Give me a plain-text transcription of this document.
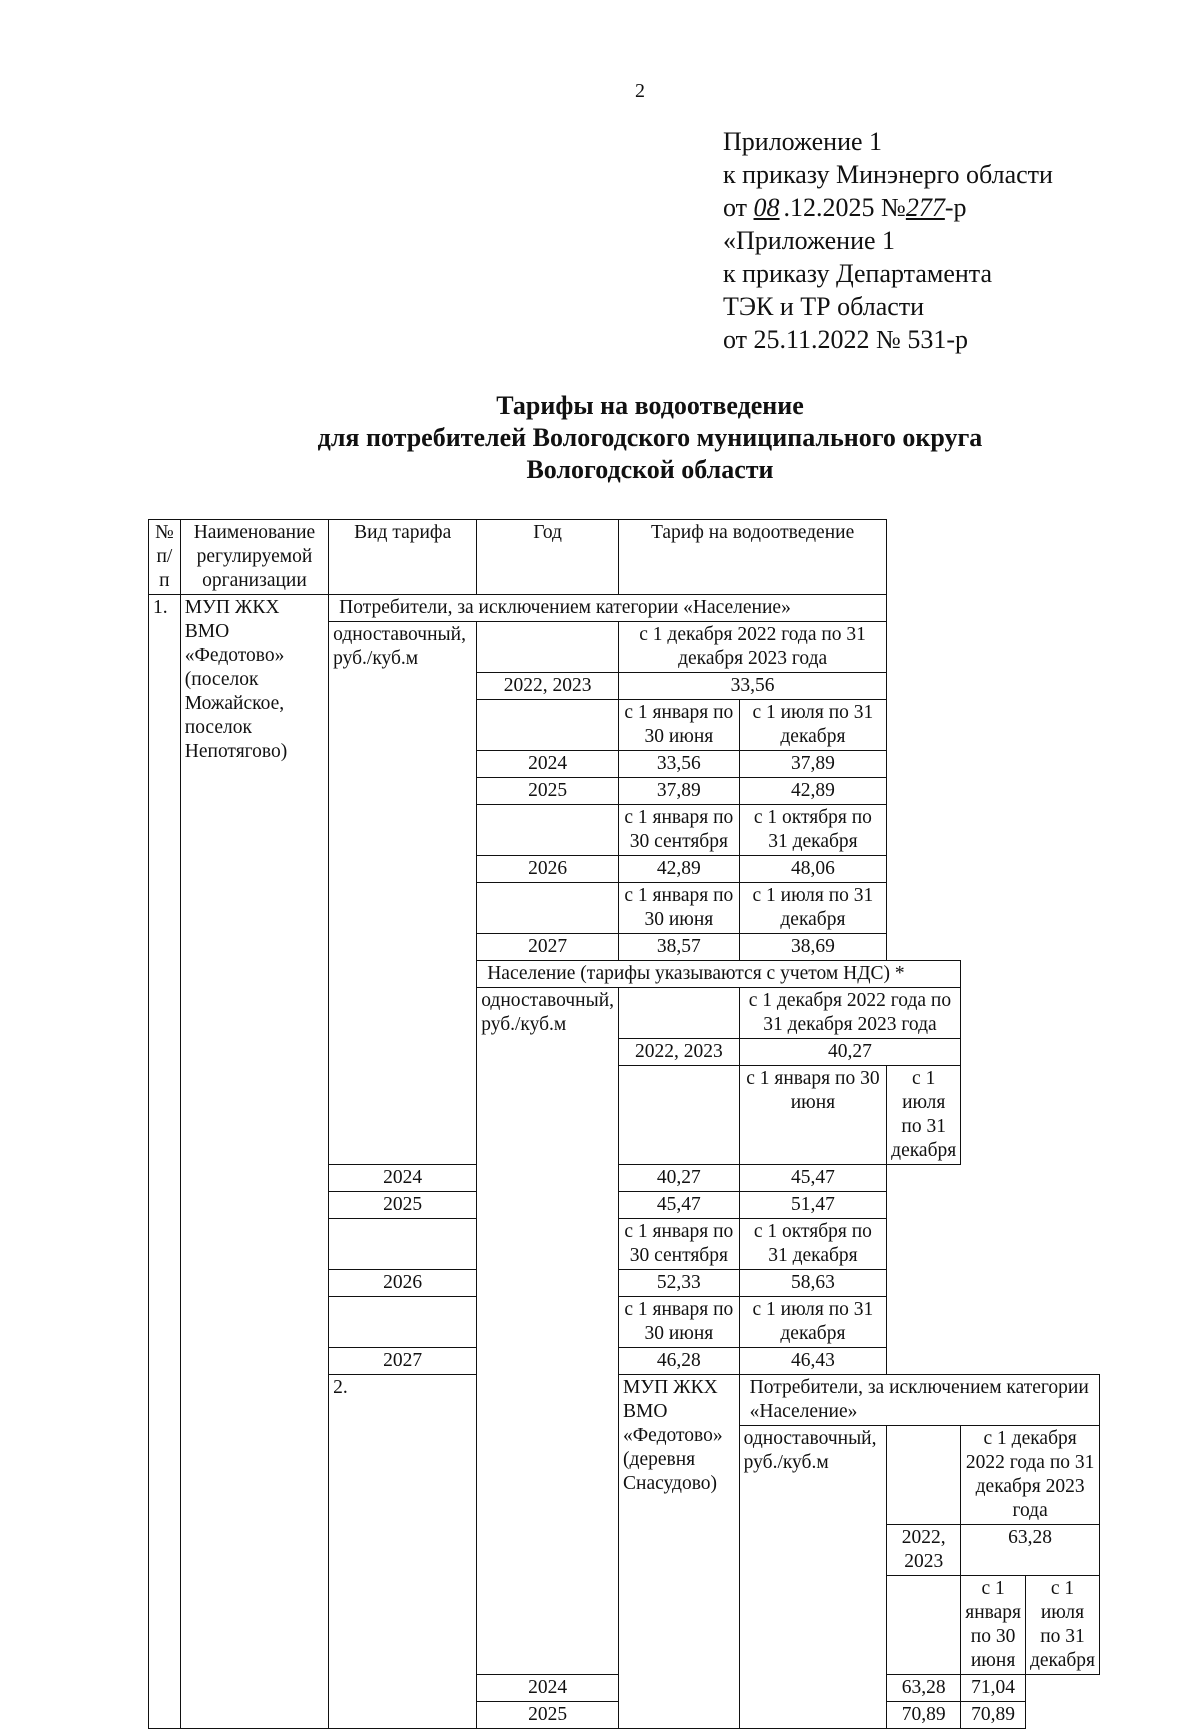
2
Приложение 1
к приказу Минэнерго области
от 08 .12.2025 №277-р
«Приложение 1
к приказу Департамента
ТЭК и ТР области
от 25.11.2022 № 531-р
Тарифы на водоотведение
для потребителей Вологодского муниципального округа
Вологодской области
№ п/п	Наименование регулируемой организации	Вид тарифа	Год	Тариф на водоотведение				
1.	МУП ЖКХ ВМО «Федотово» (поселок Можайское, поселок Непотягово)	Потребители, за исключением категории «Население»						
		одноставочный, руб./куб.м		с 1 декабря 2022 года по 31 декабря 2023 года				
			2022, 2023	33,56				
				с 1 января по 30 июня	с 1 июля по 31 декабря			
			2024	33,56	37,89			
			2025	37,89	42,89			
				с 1 января по 30 сентября	с 1 октября по 31 декабря			
			2026	42,89	48,06			
				с 1 января по 30 июня	с 1 июля по 31 декабря			
			2027	38,57	38,69			
			Население (тарифы указываются с учетом НДС) *					
			одноставочный, руб./куб.м		с 1 декабря 2022 года по 31 декабря 2023 года			
				2022, 2023	40,27			
					с 1 января по 30 июня	с 1 июля по 31 декабря		
		2024		40,27	45,47			
		2025		45,47	51,47			
				с 1 января по 30 сентября	с 1 октября по 31 декабря			
		2026		52,33	58,63			
				с 1 января по 30 июня	с 1 июля по 31 декабря			
		2027		46,28	46,43			
		2.		МУП ЖКХ ВМО «Федотово» (деревня Снасудово)	Потребители, за исключением категории «Население»			
					одноставочный, руб./куб.м		с 1 декабря 2022 года по 31 декабря 2023 года	
						2022, 2023	63,28	
							с 1 января по 30 июня	с 1 июля по 31 декабря
			2024			63,28	71,04	
			2025			70,89	70,89	
